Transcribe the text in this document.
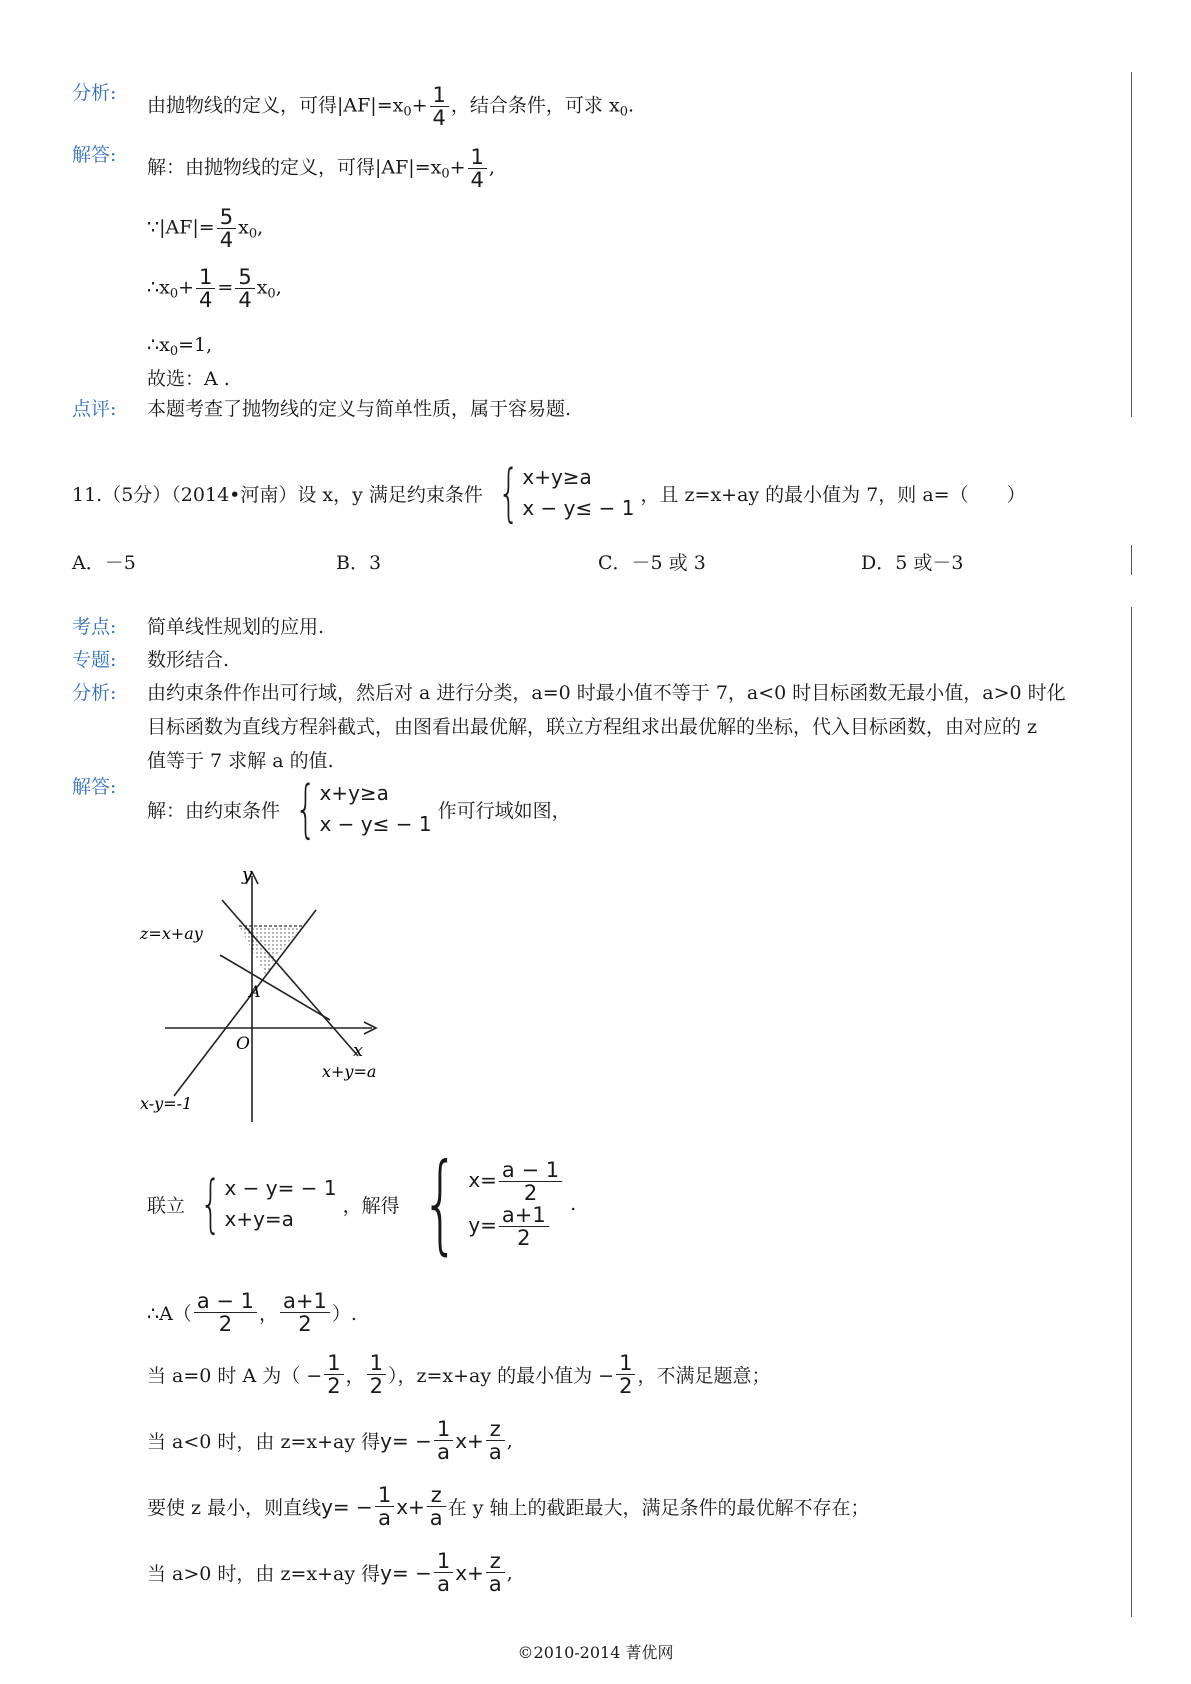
分析:
由抛物线的定义，可得$|AF|=x_0+ \frac{1}{4}$ ，结合条件，可求 $x_0$.
解答:
解：由抛物线的定义，可得$|AF|=x_0+ \frac{1}{4}$ ,
∵|AF|= $\frac{5}{4} x_0$,
$\therefore x_0+ \frac{1}{4} = \frac{5}{4} x_0$,
$\therefore x_0=1$,
故选：A .
点评: 本题考查了抛物线的定义与简单性质，属于容易题.
11.（5分）（2014•河南）设 x，y 满足约束条件 { x+y≥a
x − y≤ − 1
，且 z=x+ay 的最小值为 7，则 a=（　　）
A．－5	B．3	C．－5 或 3	D．5 或－3
考点: 简单线性规划的应用.
专题: 数形结合.
分析: 由约束条件作出可行域，然后对 a 进行分类，a=0 时最小值不等于 7，a<0 时目标函数无最小值，a>0 时化
目标函数为直线方程斜截式，由图看出最优解，联立方程组求出最优解的坐标，代入目标函数，由对应的 z
值等于 7 求解 a 的值.
解答:
解：由约束条件 { x+y≥a
x − y≤ − 1
作可行域如图，
y
x
O
A
z=x+ay
x+y=a
x-y=-1
联立 { x − y= − 1
x+y=a
，解得 { $x= \frac{a - 1}{2}$
$y= \frac{a+1}{2}$ .
∴A（ $\frac{a - 1}{2}$ ， $\frac{a+1}{2}$ ）.
当 a=0 时 A 为（ − $\frac{1}{2}$ ， $\frac{1}{2}$ ），z=x+ay 的最小值为 − $\frac{1}{2}$ ，不满足题意；
当 a<0 时，由 z=x+ay 得 $y= - \frac{1}{a} x+ \frac{z}{a}$ ,
要使 z 最小，则直线 $y= - \frac{1}{a} x+ \frac{z}{a}$ 在 y 轴上的截距最大，满足条件的最优解不存在；
当 a>0 时，由 z=x+ay 得 $y= - \frac{1}{a} x+ \frac{z}{a}$ ,
©2010-2014 菁优网
